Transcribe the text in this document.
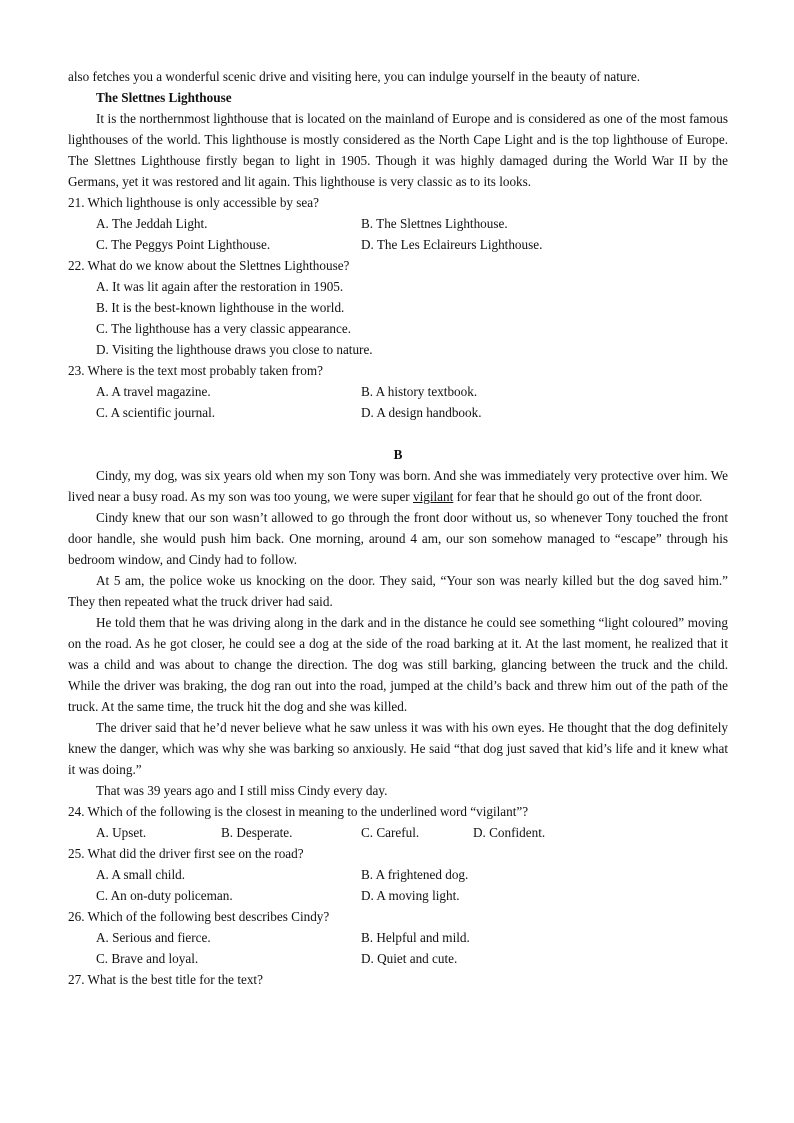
also fetches you a wonderful scenic drive and visiting here, you can indulge yourself in the beauty of nature.

The Slettnes Lighthouse

It is the northernmost lighthouse that is located on the mainland of Europe and is considered as one of the most famous lighthouses of the world. This lighthouse is mostly considered as the North Cape Light and is the top lighthouse of Europe. The Slettnes Lighthouse firstly began to light in 1905. Though it was highly damaged during the World War II by the Germans, yet it was restored and lit again. This lighthouse is very classic as to its looks.

21. Which lighthouse is only accessible by sea?
A. The Jeddah Light.	B. The Slettnes Lighthouse.
C. The Peggys Point Lighthouse.	D. The Les Eclaireurs Lighthouse.
22. What do we know about the Slettnes Lighthouse?
A. It was lit again after the restoration in 1905.
B. It is the best-known lighthouse in the world.
C. The lighthouse has a very classic appearance.
D. Visiting the lighthouse draws you close to nature.
23. Where is the text most probably taken from?
A. A travel magazine.	B. A history textbook.
C. A scientific journal.	D. A design handbook.

B

Cindy, my dog, was six years old when my son Tony was born. And she was immediately very protective over him. We lived near a busy road. As my son was too young, we were super vigilant for fear that he should go out of the front door.

Cindy knew that our son wasn’t allowed to go through the front door without us, so whenever Tony touched the front door handle, she would push him back. One morning, around 4 am, our son somehow managed to “escape” through his bedroom window, and Cindy had to follow.

At 5 am, the police woke us knocking on the door. They said, “Your son was nearly killed but the dog saved him.” They then repeated what the truck driver had said.

He told them that he was driving along in the dark and in the distance he could see something “light coloured” moving on the road. As he got closer, he could see a dog at the side of the road barking at it. At the last moment, he realized that it was a child and was about to change the direction. The dog was still barking, glancing between the truck and the child. While the driver was braking, the dog ran out into the road, jumped at the child’s back and threw him out of the path of the truck. At the same time, the truck hit the dog and she was killed.

The driver said that he’d never believe what he saw unless it was with his own eyes. He thought that the dog definitely knew the danger, which was why she was barking so anxiously. He said “that dog just saved that kid’s life and it knew what it was doing.”

That was 39 years ago and I still miss Cindy every day.

24. Which of the following is the closest in meaning to the underlined word “vigilant”?
A. Upset.	B. Desperate.	C. Careful.	D. Confident.
25. What did the driver first see on the road?
A. A small child.	B. A frightened dog.
C. An on-duty policeman.	D. A moving light.
26. Which of the following best describes Cindy?
A. Serious and fierce.	B. Helpful and mild.
C. Brave and loyal.	D. Quiet and cute.
27. What is the best title for the text?
